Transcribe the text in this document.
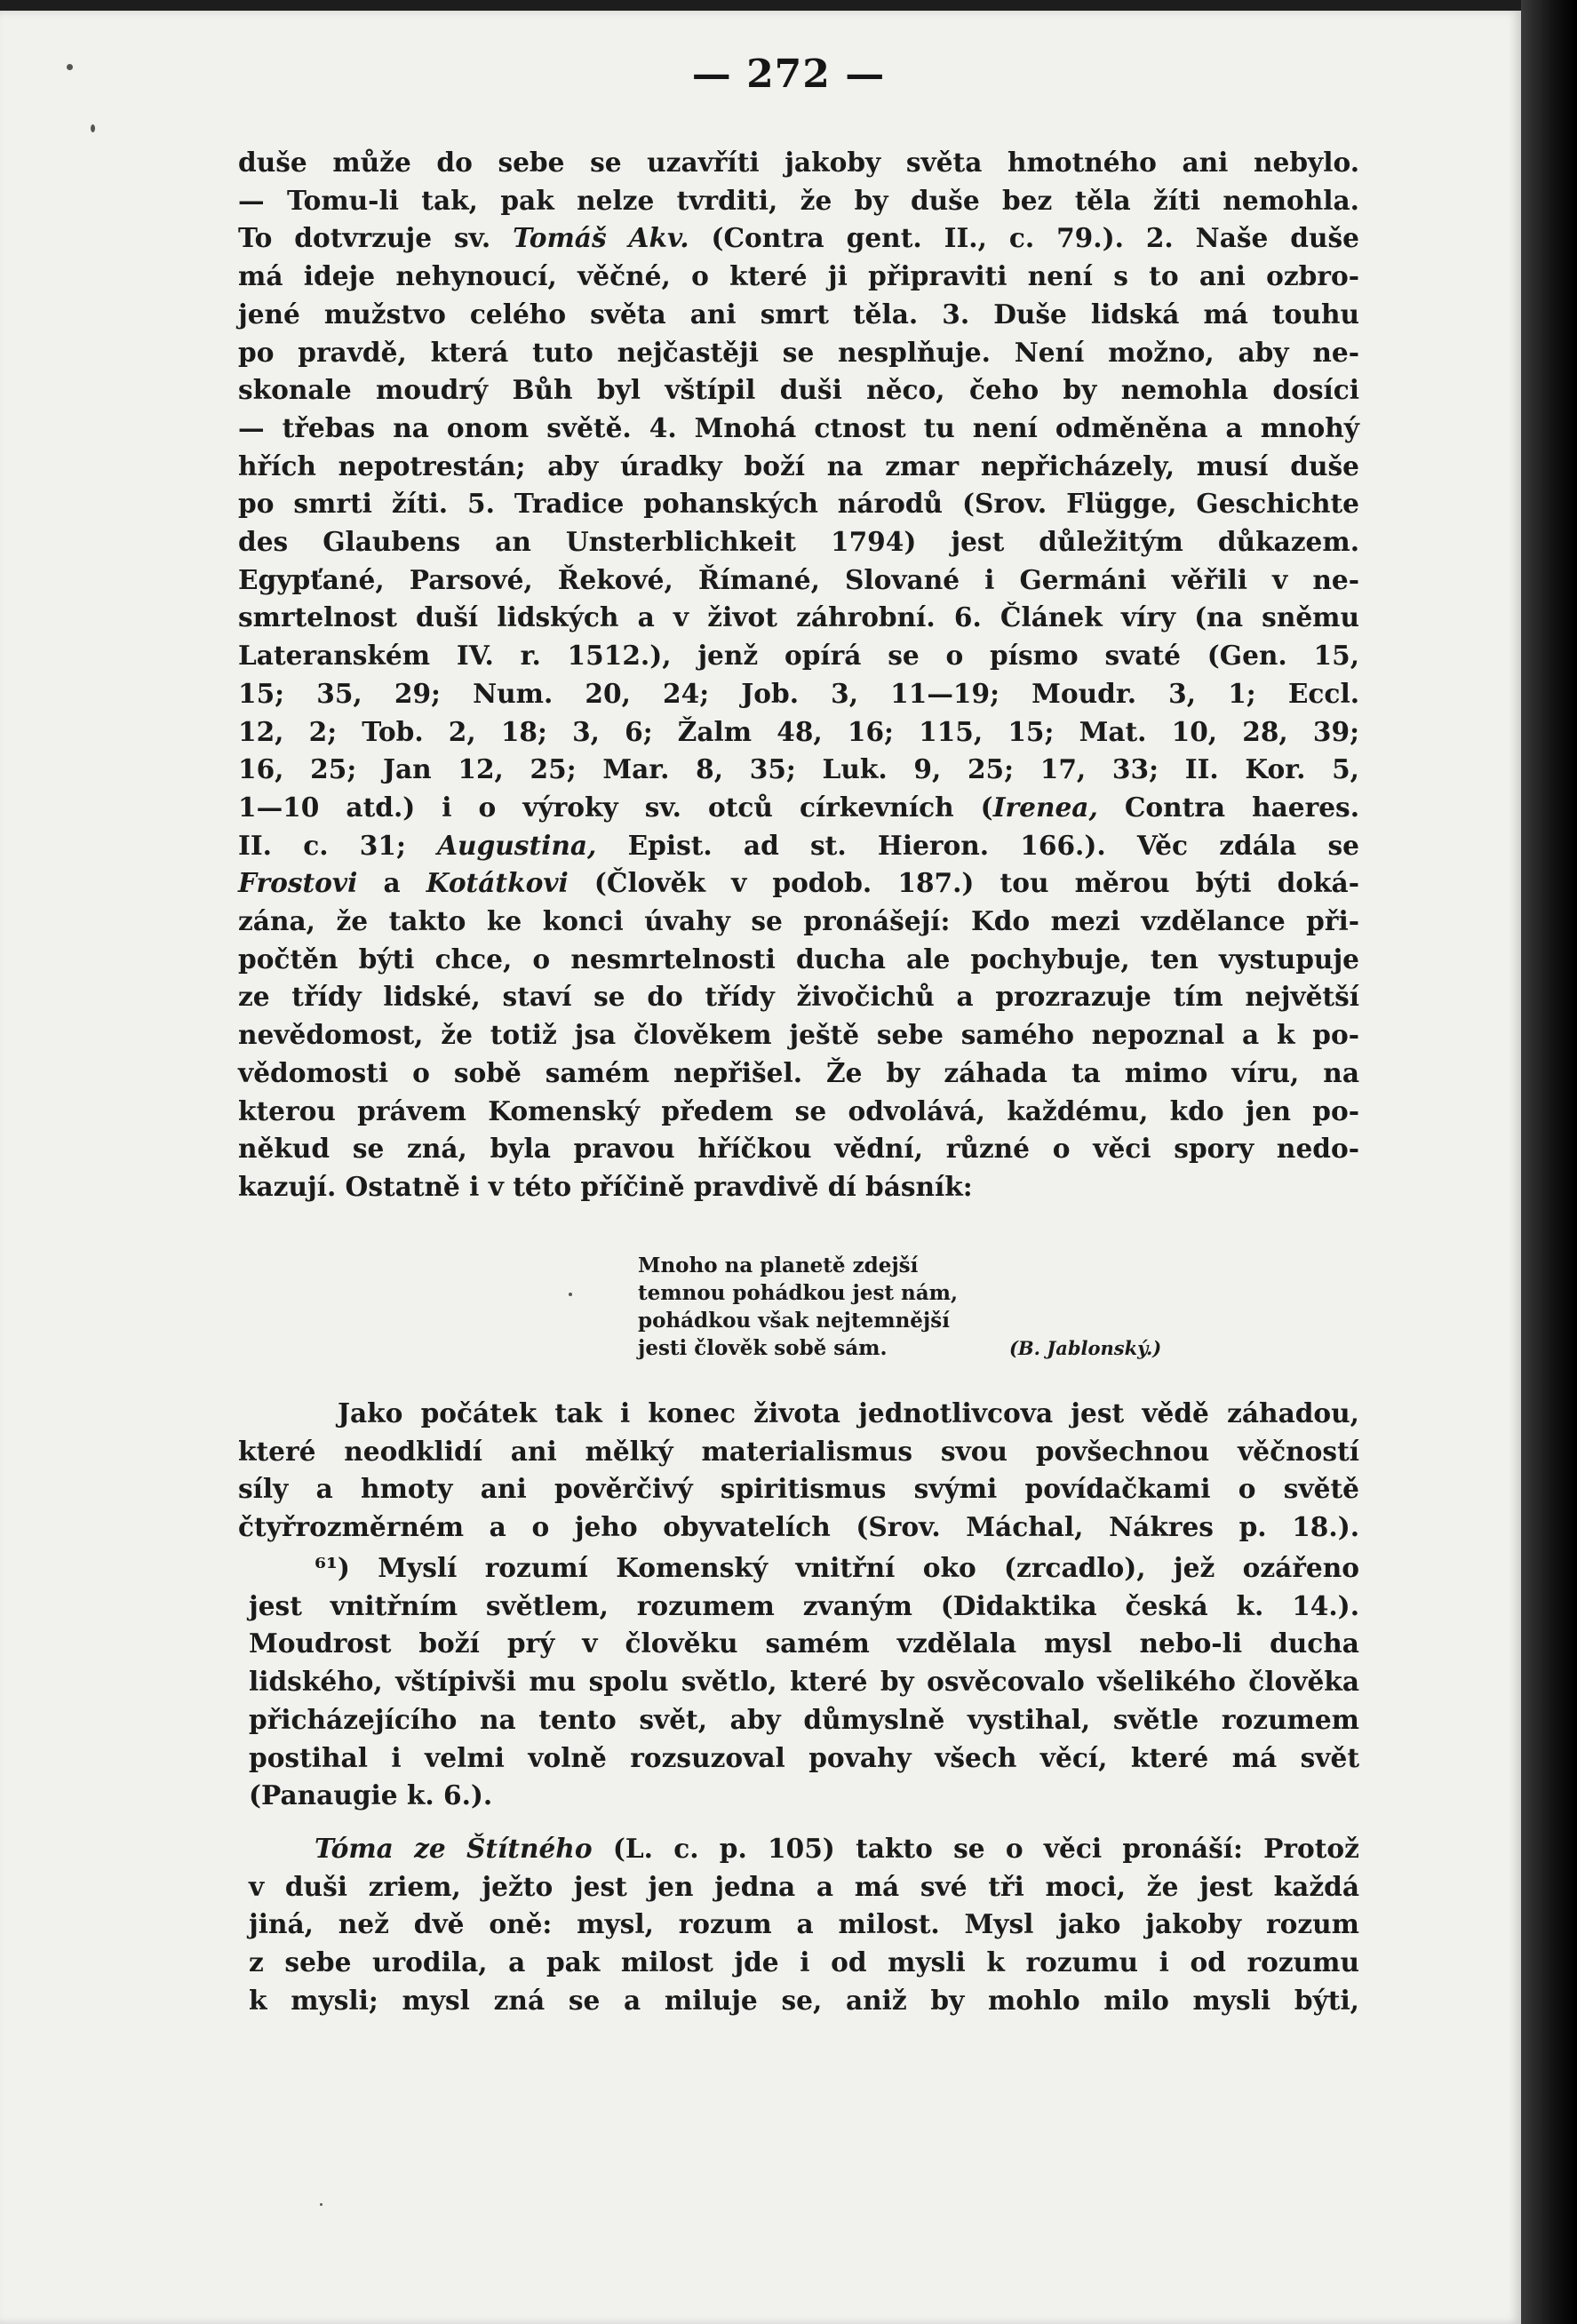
— 272 —
duše může do sebe se uzavříti jakoby světa hmotného ani nebylo.
— Tomu-li tak, pak nelze tvrditi, že by duše bez těla žíti nemohla.
To dotvrzuje sv. Tomáš Akv. (Contra gent. II., c. 79.). 2. Naše duše
má ideje nehynoucí, věčné, o které ji připraviti není s to ani ozbro-
jené mužstvo celého světa ani smrt těla. 3. Duše lidská má touhu
po pravdě, která tuto nejčastěji se nesplňuje. Není možno, aby ne-
skonale moudrý Bůh byl vštípil duši něco, čeho by nemohla dosíci
— třebas na onom světě. 4. Mnohá ctnost tu není odměněna a mnohý
hřích nepotrestán; aby úradky boží na zmar nepřicházely, musí duše
po smrti žíti. 5. Tradice pohanských národů (Srov. Flügge, Geschichte
des Glaubens an Unsterblichkeit 1794) jest důležitým důkazem.
Egypťané, Parsové, Řekové, Římané, Slované i Germáni věřili v ne-
smrtelnost duší lidských a v život záhrobní. 6. Článek víry (na sněmu
Lateranském IV. r. 1512.), jenž opírá se o písmo svaté (Gen. 15,
15; 35, 29; Num. 20, 24; Job. 3, 11—19; Moudr. 3, 1; Eccl.
12, 2; Tob. 2, 18; 3, 6; Žalm 48, 16; 115, 15; Mat. 10, 28, 39;
16, 25; Jan 12, 25; Mar. 8, 35; Luk. 9, 25; 17, 33; II. Kor. 5,
1—10 atd.) i o výroky sv. otců církevních (Irenea, Contra haeres.
II. c. 31; Augustina, Epist. ad st. Hieron. 166.). Věc zdála se
Frostovi a Kotátkovi (Člověk v podob. 187.) tou měrou býti doká-
zána, že takto ke konci úvahy se pronášejí: Kdo mezi vzdělance při-
počtěn býti chce, o nesmrtelnosti ducha ale pochybuje, ten vystupuje
ze třídy lidské, staví se do třídy živočichů a prozrazuje tím největší
nevědomost, že totiž jsa člověkem ještě sebe samého nepoznal a k po-
vědomosti o sobě samém nepřišel. Že by záhada ta mimo víru, na
kterou právem Komenský předem se odvolává, každému, kdo jen po-
někud se zná, byla pravou hříčkou vědní, různé o věci spory nedo-
kazují. Ostatně i v této příčině pravdivě dí básník:
Mnoho na planetě zdejší
temnou pohádkou jest nám,
pohádkou však nejtemnější
jesti člověk sobě sám.	(B. Jablonský.)
Jako počátek tak i konec života jednotlivcova jest vědě záhadou,
které neodklidí ani mělký materialismus svou povšechnou věčností
síly a hmoty ani pověrčivý spiritismus svými povídačkami o světě
čtyřrozměrném a o jeho obyvatelích (Srov. Máchal, Nákres p. 18.).
⁶¹) Myslí rozumí Komenský vnitřní oko (zrcadlo), jež ozářeno
jest vnitřním světlem, rozumem zvaným (Didaktika česká k. 14.).
Moudrost boží prý v člověku samém vzdělala mysl nebo-li ducha
lidského, vštípivši mu spolu světlo, které by osvěcovalo všelikého člověka
přicházejícího na tento svět, aby důmyslně vystihal, světle rozumem
postihal i velmi volně rozsuzoval povahy všech věcí, které má svět
(Panaugie k. 6.).
Tóma ze Štítného (L. c. p. 105) takto se o věci pronáší: Protož
v duši zriem, ježto jest jen jedna a má své tři moci, že jest každá
jiná, než dvě oně: mysl, rozum a milost. Mysl jako jakoby rozum
z sebe urodila, a pak milost jde i od mysli k rozumu i od rozumu
k mysli; mysl zná se a miluje se, aniž by mohlo milo mysli býti,
